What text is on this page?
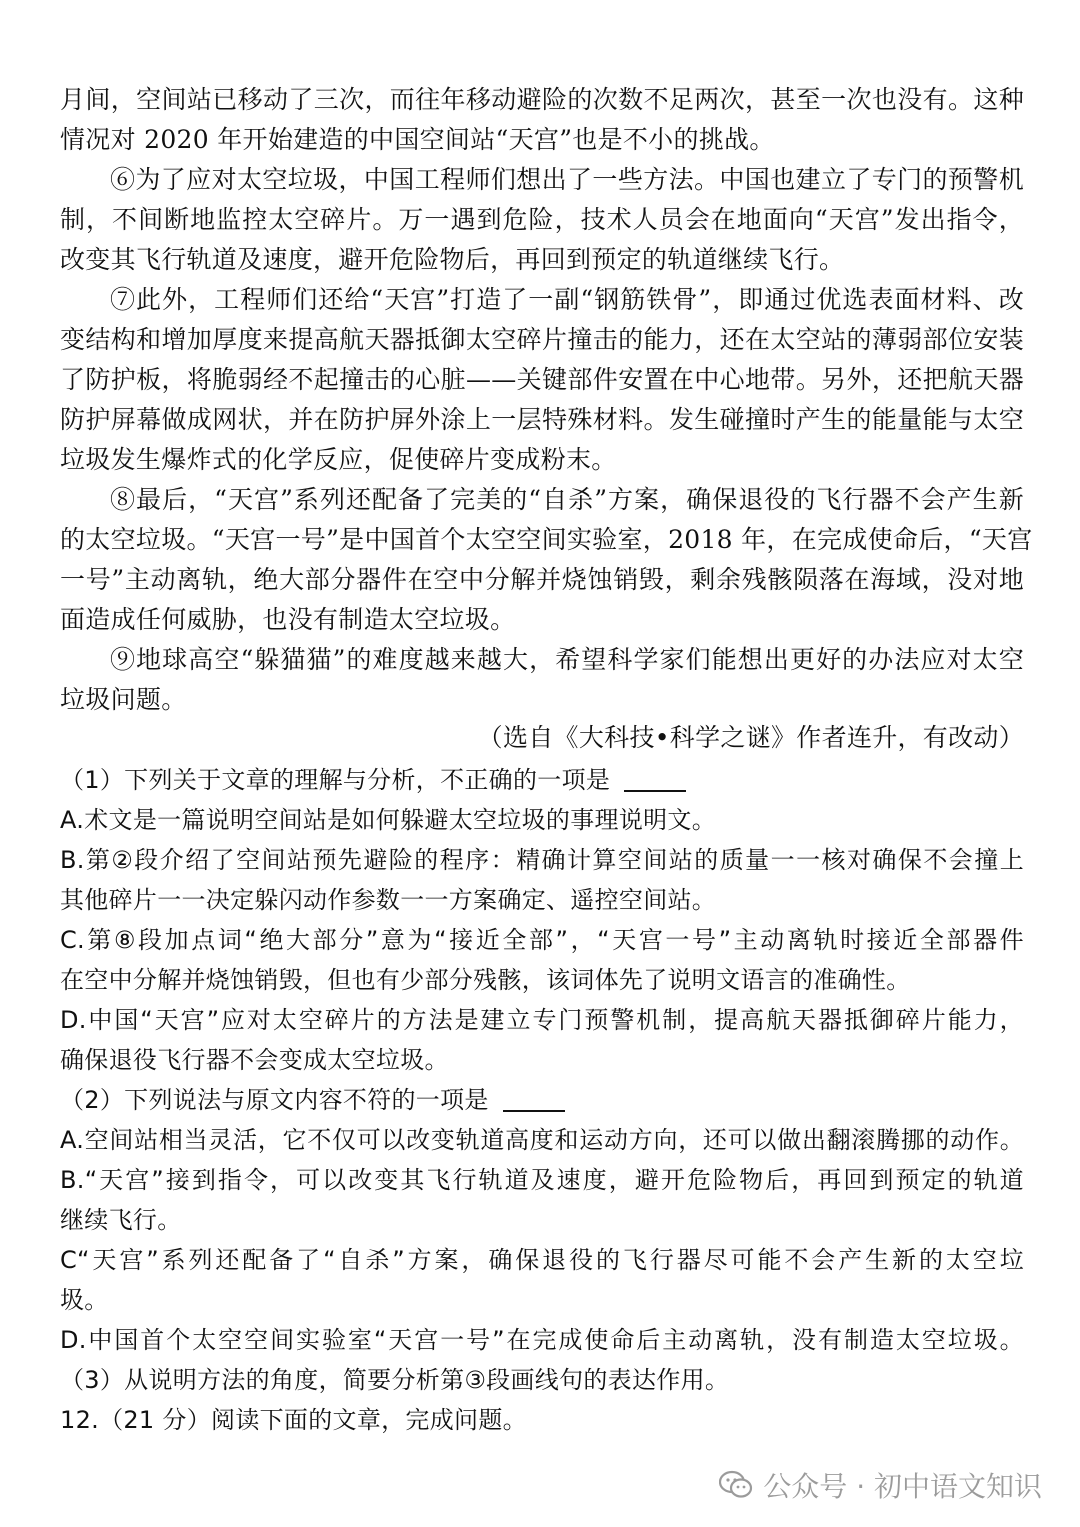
月间，空间站已移动了三次，而往年移动避险的次数不足两次，甚至一次也没有。这种
情况对 2020 年开始建造的中国空间站“天宫”也是不小的挑战。
⑥为了应对太空垃圾，中国工程师们想出了一些方法。中国也建立了专门的预警机
制，不间断地监控太空碎片。万一遇到危险，技术人员会在地面向“天宫”发出指令，
改变其飞行轨道及速度，避开危险物后，再回到预定的轨道继续飞行。
⑦此外，工程师们还给“天宫”打造了一副“钢筋铁骨”，即通过优选表面材料、改
变结构和增加厚度来提高航天器抵御太空碎片撞击的能力，还在太空站的薄弱部位安装
了防护板，将脆弱经不起撞击的心脏——关键部件安置在中心地带。另外，还把航天器
防护屏幕做成网状，并在防护屏外涂上一层特殊材料。发生碰撞时产生的能量能与太空
垃圾发生爆炸式的化学反应，促使碎片变成粉末。
⑧最后，“天宫”系列还配备了完美的“自杀”方案，确保退役的飞行器不会产生新
的太空垃圾。“天宫一号”是中国首个太空空间实验室，2018 年，在完成使命后，“天宫
一号”主动离轨，绝大部分器件在空中分解并烧蚀销毁，剩余残骸陨落在海域，没对地
面造成任何威胁，也没有制造太空垃圾。
⑨地球高空“躲猫猫”的难度越来越大，希望科学家们能想出更好的办法应对太空
垃圾问题。
（选自《大科技•科学之谜》作者连升，有改动）
（1）下列关于文章的理解与分析，不正确的一项是
A.术文是一篇说明空间站是如何躲避太空垃圾的事理说明文。
B.第②段介绍了空间站预先避险的程序：精确计算空间站的质量一一核对确保不会撞上
其他碎片一一决定躲闪动作参数一一方案确定、遥控空间站。
C.第⑧段加点词“绝大部分”意为“接近全部”，“天宫一号”主动离轨时接近全部器件
在空中分解并烧蚀销毁，但也有少部分残骸，该词体先了说明文语言的准确性。
D.中国“天宫”应对太空碎片的方法是建立专门预警机制，提高航天器抵御碎片能力，
确保退役飞行器不会变成太空垃圾。
（2）下列说法与原文内容不符的一项是
A.空间站相当灵活，它不仅可以改变轨道高度和运动方向，还可以做出翻滚腾挪的动作。
B.“天宫”接到指令，可以改变其飞行轨道及速度，避开危险物后，再回到预定的轨道
继续飞行。
C“天宫”系列还配备了“自杀”方案，确保退役的飞行器尽可能不会产生新的太空垃
圾。
D.中国首个太空空间实验室“天宫一号”在完成使命后主动离轨，没有制造太空垃圾。
（3）从说明方法的角度，简要分析第③段画线句的表达作用。
12.（21 分）阅读下面的文章，完成问题。
公众号 · 初中语文知识
